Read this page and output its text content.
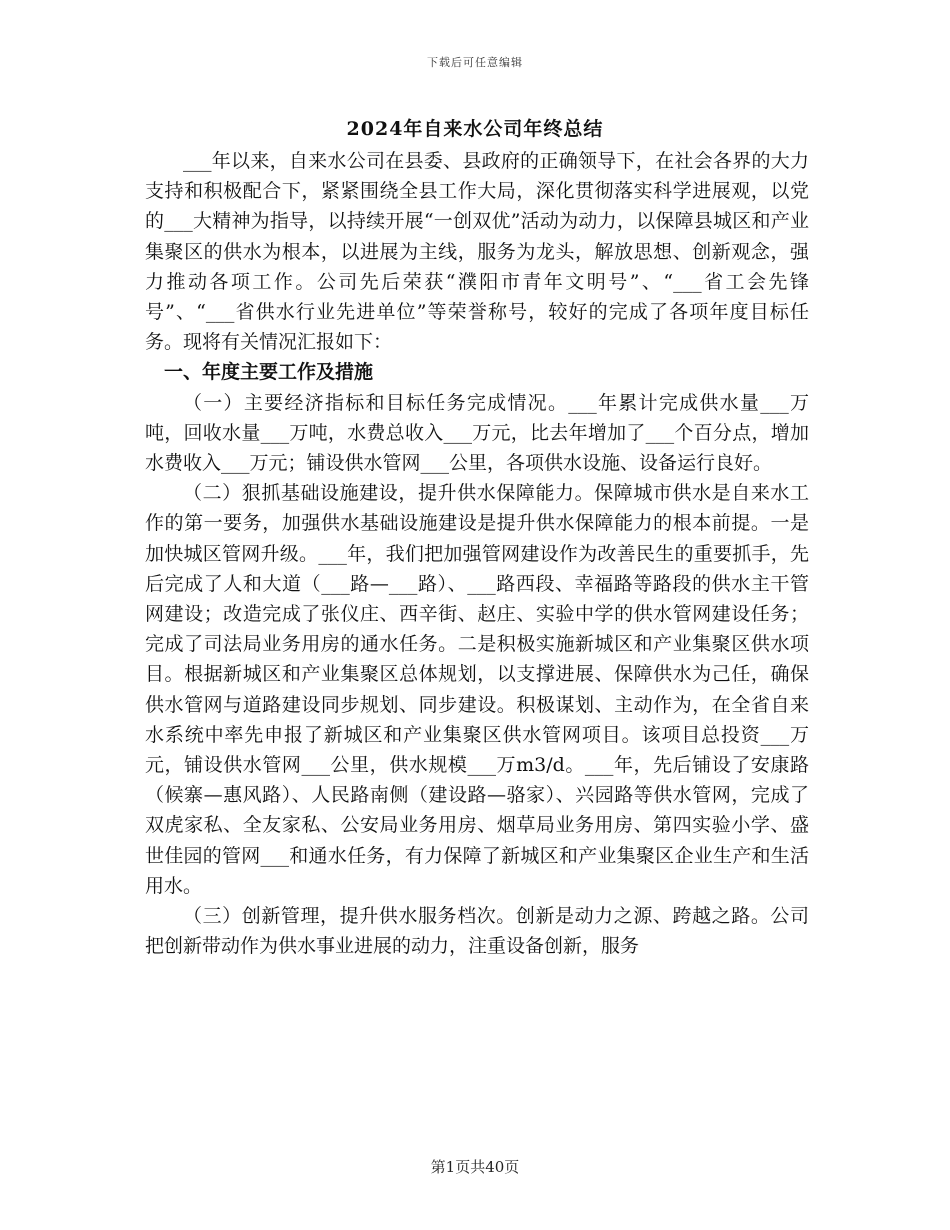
下载后可任意编辑
2024年自来水公司年终总结

___年以来，自来水公司在县委、县政府的正确领导下，在社会各界的大力支持和积极配合下，紧紧围绕全县工作大局，深化贯彻落实科学进展观，以党的___大精神为指导，以持续开展“一创双优”活动为动力，以保障县城区和产业集聚区的供水为根本，以进展为主线，服务为龙头，解放思想、创新观念，强力推动各项工作。公司先后荣获“濮阳市青年文明号”、“___省工会先锋号”、“___省供水行业先进单位”等荣誉称号，较好的完成了各项年度目标任务。现将有关情况汇报如下：

一、年度主要工作及措施

（一）主要经济指标和目标任务完成情况。___年累计完成供水量___万吨，回收水量___万吨，水费总收入___万元，比去年增加了___个百分点，增加水费收入___万元；铺设供水管网___公里，各项供水设施、设备运行良好。

（二）狠抓基础设施建设，提升供水保障能力。保障城市供水是自来水工作的第一要务，加强供水基础设施建设是提升供水保障能力的根本前提。一是加快城区管网升级。___年，我们把加强管网建设作为改善民生的重要抓手，先后完成了人和大道（___路—___路）、___路西段、幸福路等路段的供水主干管网建设；改造完成了张仪庄、西辛街、赵庄、实验中学的供水管网建设任务；完成了司法局业务用房的通水任务。二是积极实施新城区和产业集聚区供水项目。根据新城区和产业集聚区总体规划，以支撑进展、保障供水为己任，确保供水管网与道路建设同步规划、同步建设。积极谋划、主动作为，在全省自来水系统中率先申报了新城区和产业集聚区供水管网项目。该项目总投资___万元，铺设供水管网___公里，供水规模___万m3/d。___年，先后铺设了安康路（候寨—惠风路）、人民路南侧（建设路—骆家）、兴园路等供水管网，完成了双虎家私、全友家私、公安局业务用房、烟草局业务用房、第四实验小学、盛世佳园的管网___和通水任务，有力保障了新城区和产业集聚区企业生产和生活用水。

（三）创新管理，提升供水服务档次。创新是动力之源、跨越之路。公司把创新带动作为供水事业进展的动力，注重设备创新，服务

第1页共40页
